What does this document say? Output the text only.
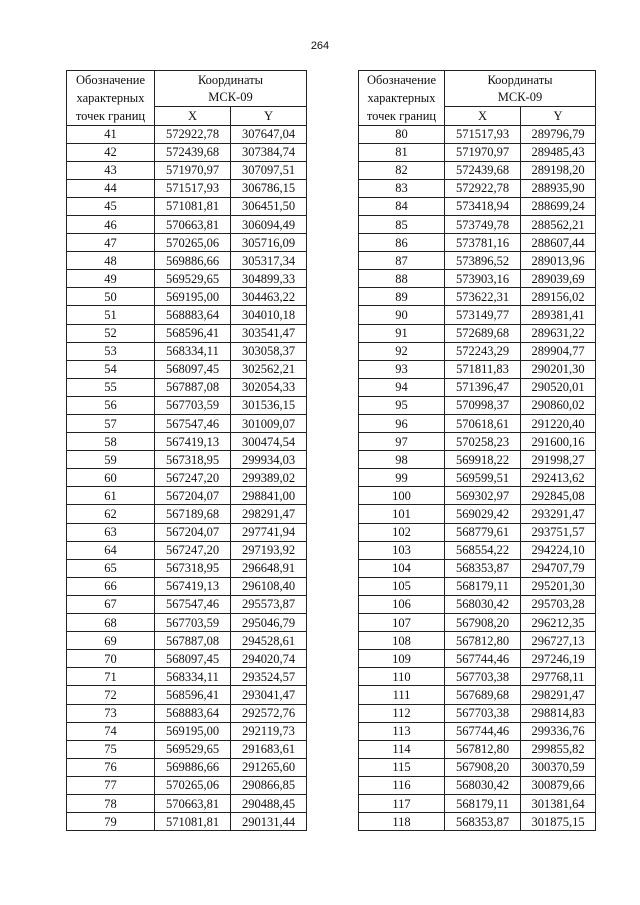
264
Обозначение	Координаты	
характерных	МСК-09	
точек границ	X	Y
41	572922,78	307647,04
42	572439,68	307384,74
43	571970,97	307097,51
44	571517,93	306786,15
45	571081,81	306451,50
46	570663,81	306094,49
47	570265,06	305716,09
48	569886,66	305317,34
49	569529,65	304899,33
50	569195,00	304463,22
51	568883,64	304010,18
52	568596,41	303541,47
53	568334,11	303058,37
54	568097,45	302562,21
55	567887,08	302054,33
56	567703,59	301536,15
57	567547,46	301009,07
58	567419,13	300474,54
59	567318,95	299934,03
60	567247,20	299389,02
61	567204,07	298841,00
62	567189,68	298291,47
63	567204,07	297741,94
64	567247,20	297193,92
65	567318,95	296648,91
66	567419,13	296108,40
67	567547,46	295573,87
68	567703,59	295046,79
69	567887,08	294528,61
70	568097,45	294020,74
71	568334,11	293524,57
72	568596,41	293041,47
73	568883,64	292572,76
74	569195,00	292119,73
75	569529,65	291683,61
76	569886,66	291265,60
77	570265,06	290866,85
78	570663,81	290488,45
79	571081,81	290131,44
Обозначение	Координаты	
характерных	МСК-09	
точек границ	X	Y
80	571517,93	289796,79
81	571970,97	289485,43
82	572439,68	289198,20
83	572922,78	288935,90
84	573418,94	288699,24
85	573749,78	288562,21
86	573781,16	288607,44
87	573896,52	289013,96
88	573903,16	289039,69
89	573622,31	289156,02
90	573149,77	289381,41
91	572689,68	289631,22
92	572243,29	289904,77
93	571811,83	290201,30
94	571396,47	290520,01
95	570998,37	290860,02
96	570618,61	291220,40
97	570258,23	291600,16
98	569918,22	291998,27
99	569599,51	292413,62
100	569302,97	292845,08
101	569029,42	293291,47
102	568779,61	293751,57
103	568554,22	294224,10
104	568353,87	294707,79
105	568179,11	295201,30
106	568030,42	295703,28
107	567908,20	296212,35
108	567812,80	296727,13
109	567744,46	297246,19
110	567703,38	297768,11
111	567689,68	298291,47
112	567703,38	298814,83
113	567744,46	299336,76
114	567812,80	299855,82
115	567908,20	300370,59
116	568030,42	300879,66
117	568179,11	301381,64
118	568353,87	301875,15
